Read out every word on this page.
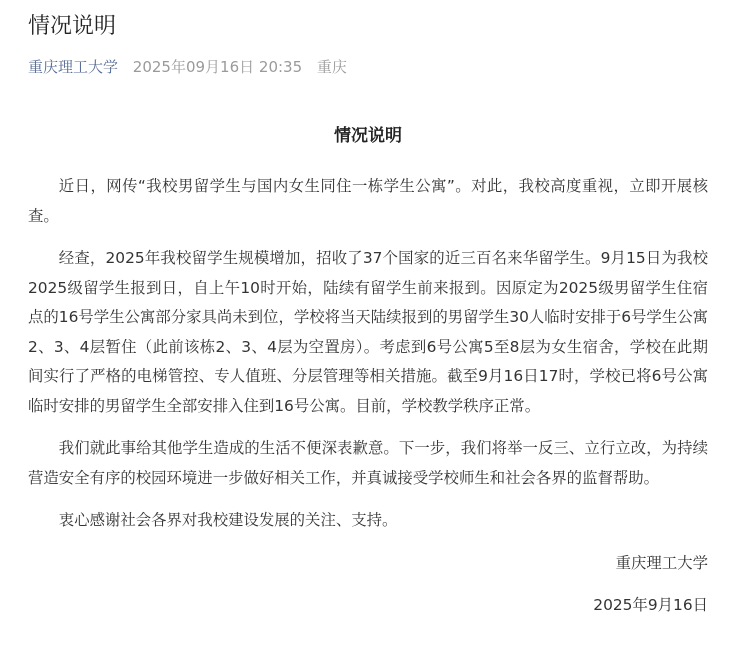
情况说明
重庆理工大学 2025年09月16日 20:35 重庆
情况说明

近日，网传“我校男留学生与国内女生同住一栋学生公寓”。对此，我校高度重视，立即开展核查。

经查，2025年我校留学生规模增加，招收了37个国家的近三百名来华留学生。9月15日为我校2025级留学生报到日，自上午10时开始，陆续有留学生前来报到。因原定为2025级男留学生住宿点的16号学生公寓部分家具尚未到位，学校将当天陆续报到的男留学生30人临时安排于6号学生公寓2、3、4层暂住（此前该栋2、3、4层为空置房）。考虑到6号公寓5至8层为女生宿舍，学校在此期间实行了严格的电梯管控、专人值班、分层管理等相关措施。截至9月16日17时，学校已将6号公寓临时安排的男留学生全部安排入住到16号公寓。目前，学校教学秩序正常。

我们就此事给其他学生造成的生活不便深表歉意。下一步，我们将举一反三、立行立改，为持续营造安全有序的校园环境进一步做好相关工作，并真诚接受学校师生和社会各界的监督帮助。

衷心感谢社会各界对我校建设发展的关注、支持。

重庆理工大学

2025年9月16日
